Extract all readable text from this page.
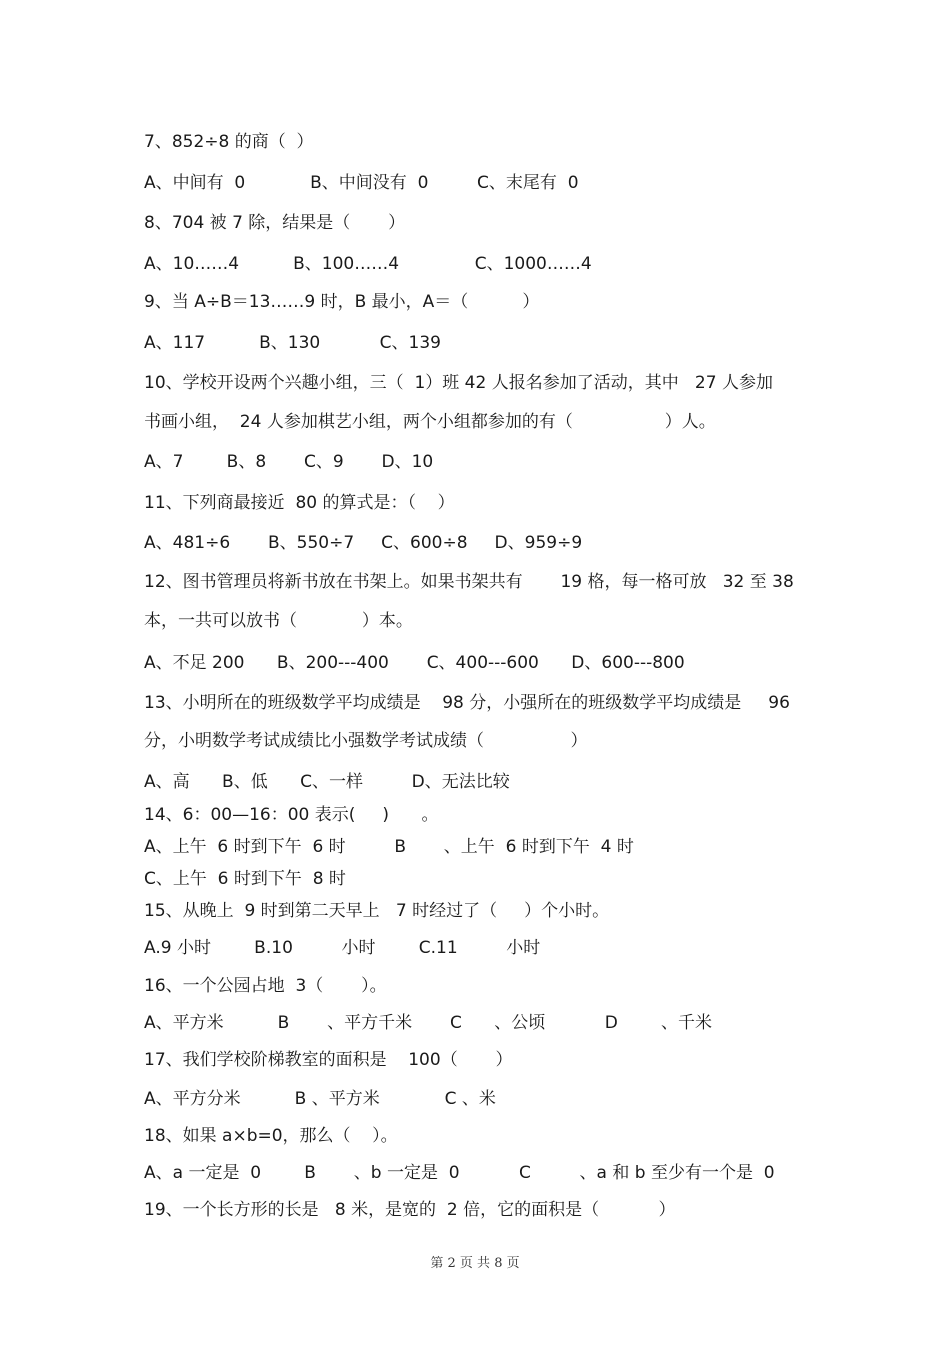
7、852÷8 的商（  ）
A、中间有  0            B、中间没有  0         C、末尾有  0
8、704 被 7 除，结果是（       ）
A、10……4          B、100……4              C、1000……4
9、当 A÷B＝13……9 时，B 最小，A＝（          ）
A、117          B、130           C、139
10、学校开设两个兴趣小组，三（  1）班 42 人报名参加了活动，其中   27 人参加
书画小组，  24 人参加棋艺小组，两个小组都参加的有（                 ）人。
A、7        B、8       C、9       D、10
11、下列商最接近  80 的算式是：（    ）
A、481÷6       B、550÷7     C、600÷8     D、959÷9
12、图书管理员将新书放在书架上。如果书架共有       19 格，每一格可放   32 至 38
本，一共可以放书（            ）本。
A、不足 200      B、200---400       C、400---600      D、600---800
13、小明所在的班级数学平均成绩是    98 分，小强所在的班级数学平均成绩是     96
分，小明数学考试成绩比小强数学考试成绩（                ）
A、高      B、低      C、一样         D、无法比较
14、6：00—16：00 表示(     )      。
A、上午  6 时到下午  6 时         B       、上午  6 时到下午  4 时
C、上午  6 时到下午  8 时
15、从晚上  9 时到第二天早上   7 时经过了（     ）个小时。
A.9 小时        B.10         小时        C.11         小时
16、一个公园占地  3（       ）。
A、平方米          B       、平方千米       C      、公顷           D        、千米
17、我们学校阶梯教室的面积是    100（       ）
A、平方分米          B 、平方米            C 、米
18、如果 a×b=0，那么（    ）。
A、a 一定是  0        B       、b 一定是  0           C         、a 和 b 至少有一个是  0
19、一个长方形的长是   8 米，是宽的  2 倍，它的面积是（           ）
第 2 页 共 8 页
